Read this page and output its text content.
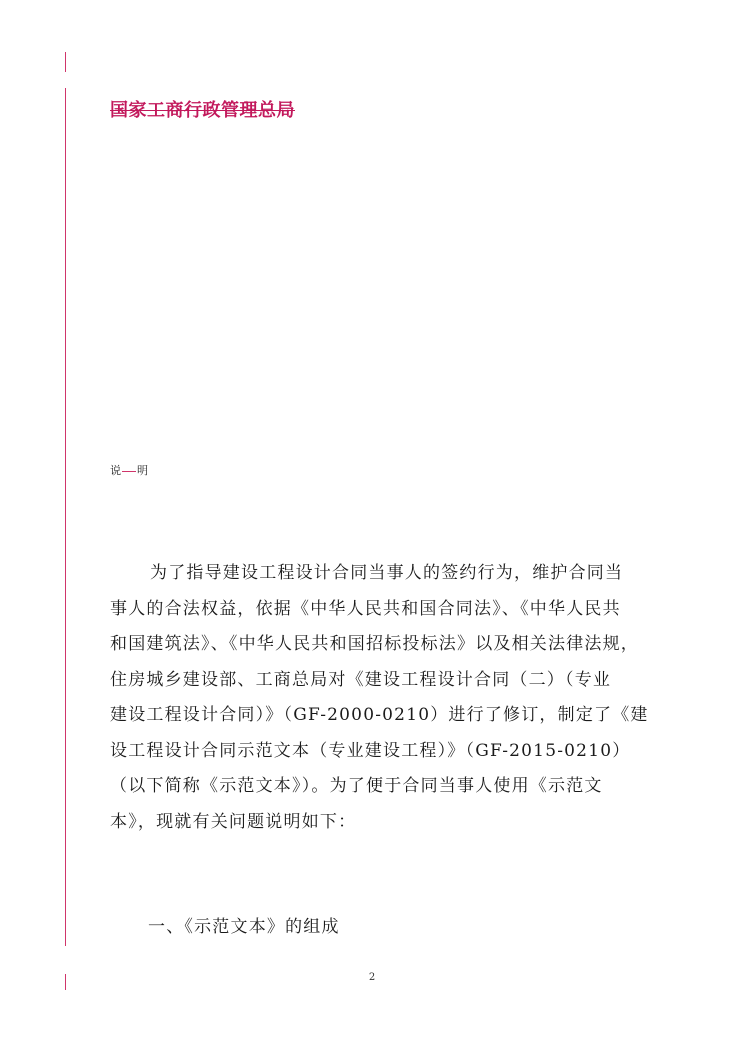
国家工商行政管理总局
说 明
为了指导建设工程设计合同当事人的签约行为，维护合同当
事人的合法权益，依据《中华人民共和国合同法》、《中华人民共
和国建筑法》、《中华人民共和国招标投标法》以及相关法律法规，
住房城乡建设部、工商总局对《建设工程设计合同（二）（专业
建设工程设计合同）》（GF-2000-0210）进行了修订，制定了《建
设工程设计合同示范文本（专业建设工程）》（GF-2015-0210）
（以下简称《示范文本》）。为了便于合同当事人使用《示范文
本》，现就有关问题说明如下：
一、《示范文本》的组成
2
